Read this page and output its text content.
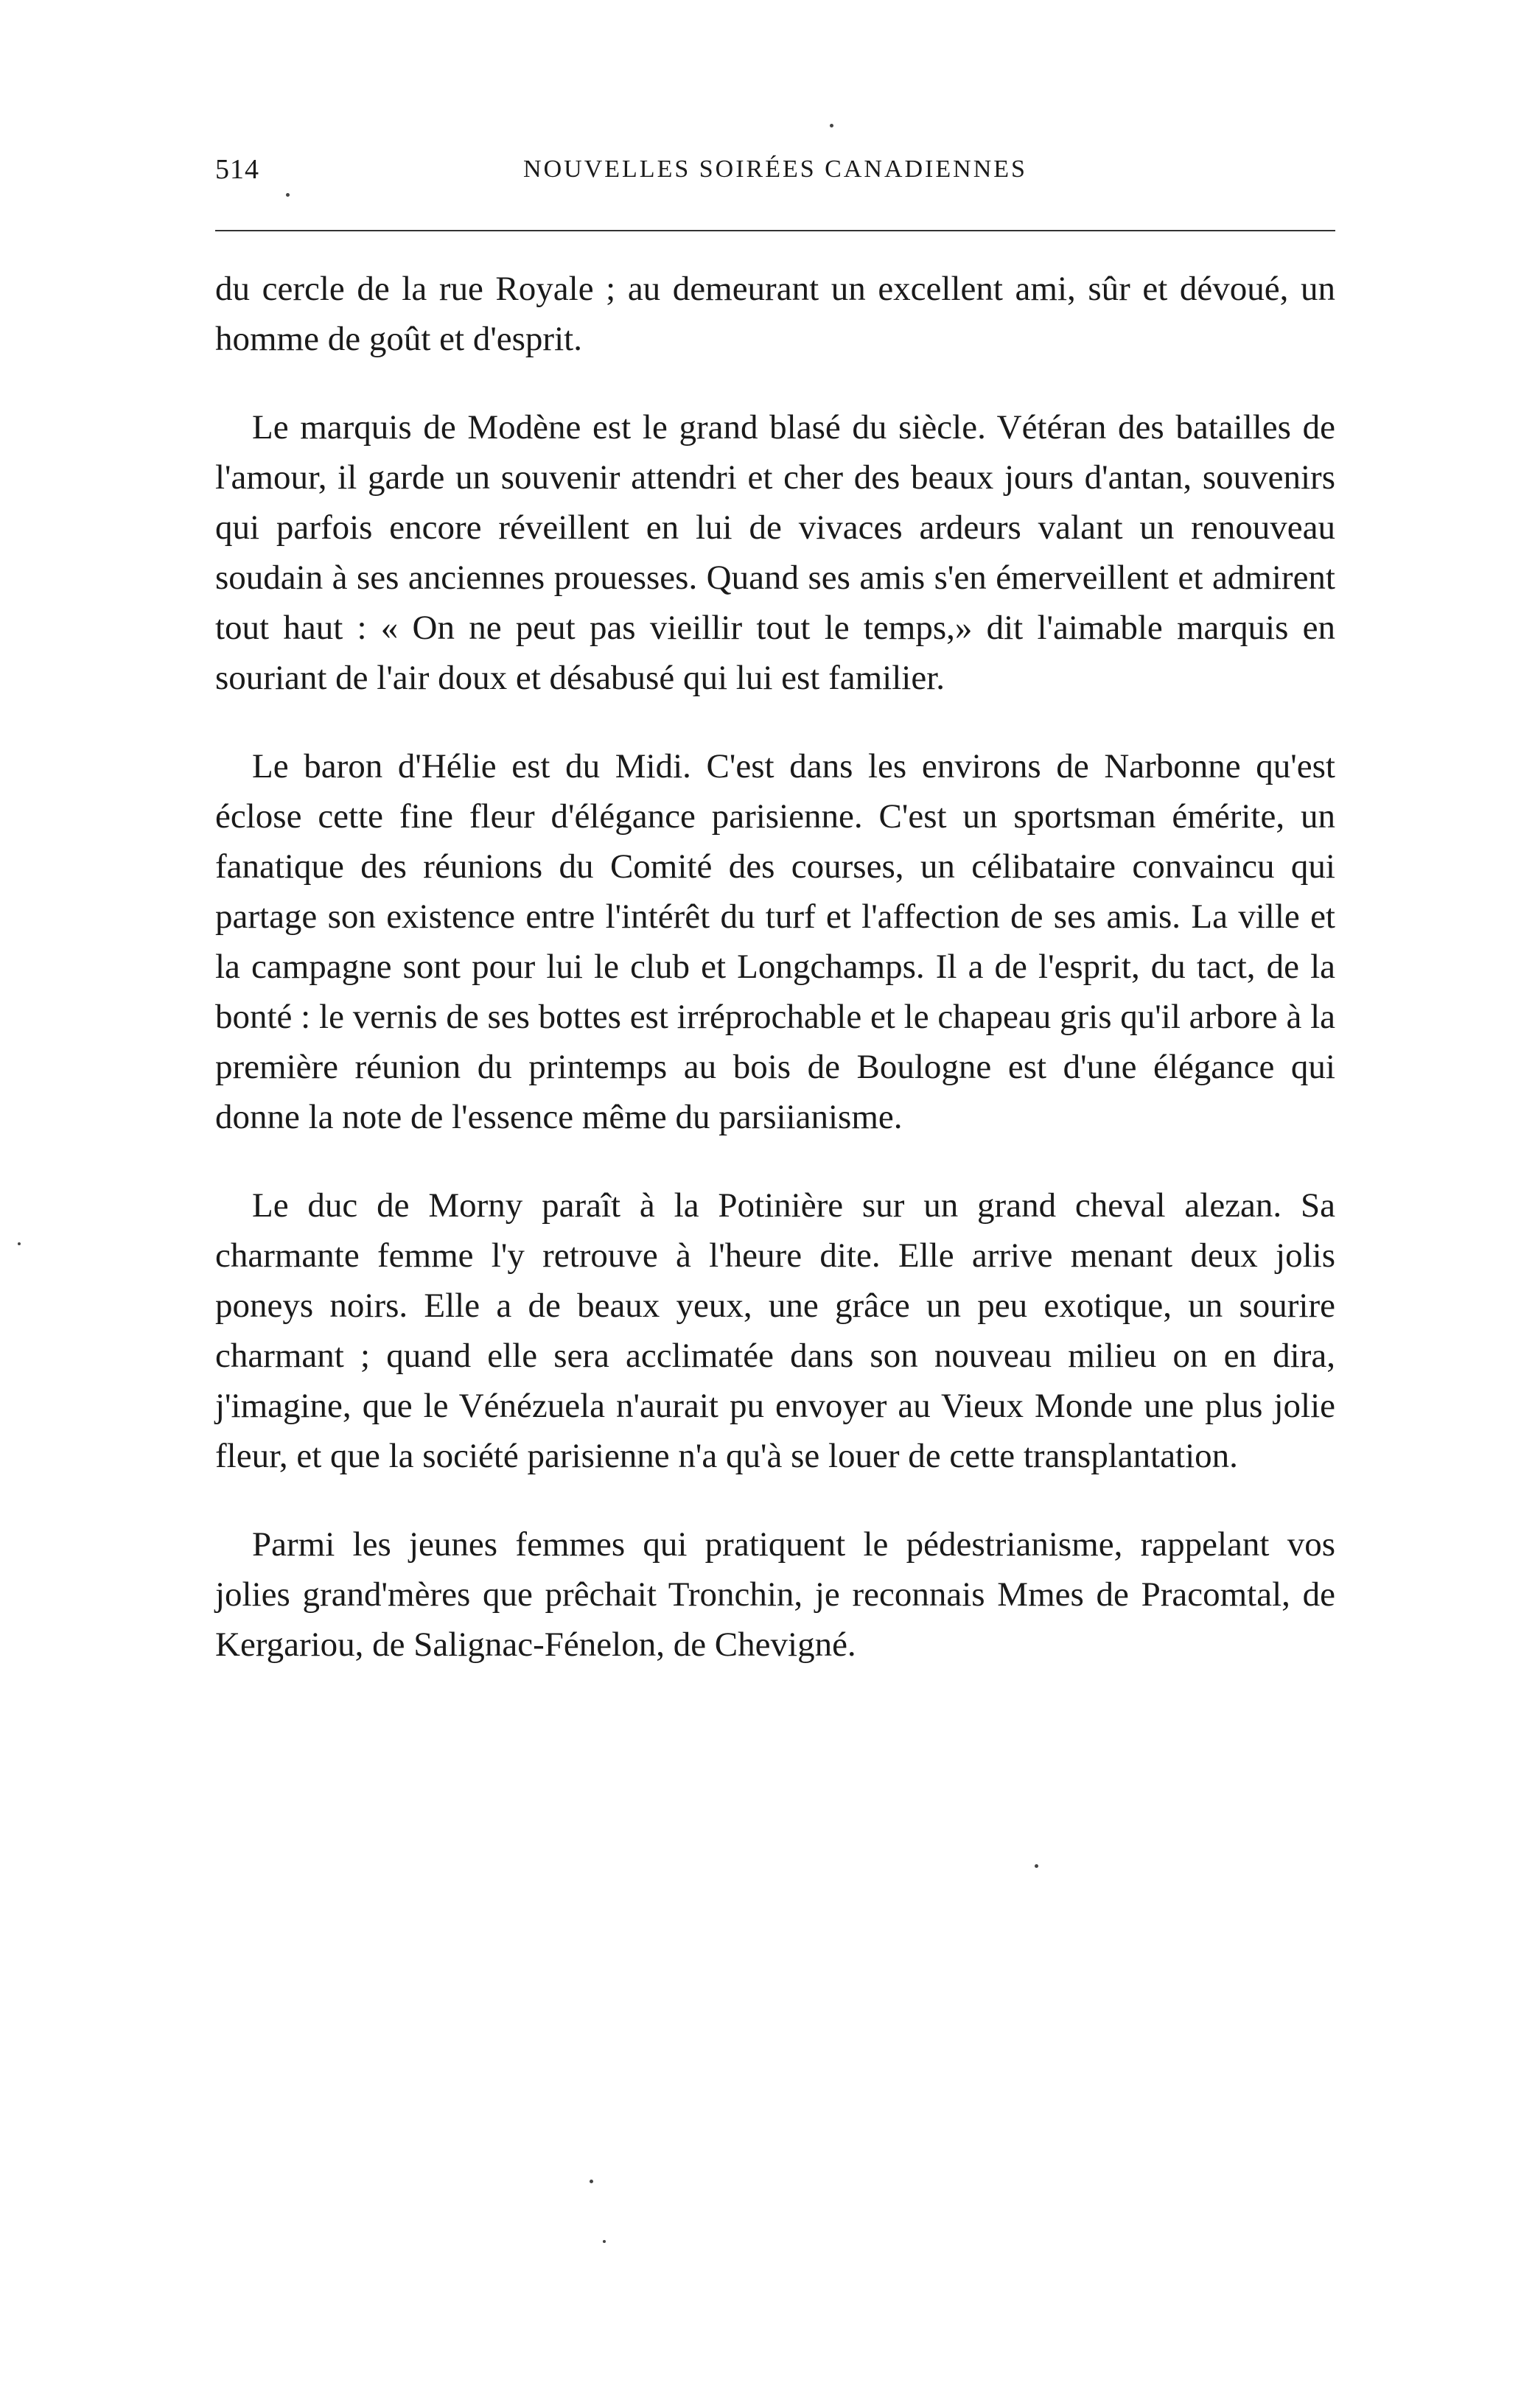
514	NOUVELLES SOIRÉES CANADIENNES

du cercle de la rue Royale ; au demeurant un excellent ami, sûr et dévoué, un homme de goût et d'esprit.

Le marquis de Modène est le grand blasé du siècle. Vétéran des batailles de l'amour, il garde un souvenir attendri et cher des beaux jours d'antan, souvenirs qui parfois encore réveillent en lui de vivaces ardeurs valant un renouveau soudain à ses anciennes prouesses. Quand ses amis s'en émerveillent et admirent tout haut : « On ne peut pas vieillir tout le temps,» dit l'aimable marquis en souriant de l'air doux et désabusé qui lui est familier.

Le baron d'Hélie est du Midi. C'est dans les environs de Narbonne qu'est éclose cette fine fleur d'élégance parisienne. C'est un sportsman émérite, un fanatique des réunions du Comité des courses, un célibataire convaincu qui partage son existence entre l'intérêt du turf et l'affection de ses amis. La ville et la campagne sont pour lui le club et Longchamps. Il a de l'esprit, du tact, de la bonté : le vernis de ses bottes est irréprochable et le chapeau gris qu'il arbore à la première réunion du printemps au bois de Boulogne est d'une élégance qui donne la note de l'essence même du parsiianisme.

Le duc de Morny paraît à la Potinière sur un grand cheval alezan. Sa charmante femme l'y retrouve à l'heure dite. Elle arrive menant deux jolis poneys noirs. Elle a de beaux yeux, une grâce un peu exotique, un sourire charmant ; quand elle sera acclimatée dans son nouveau milieu on en dira, j'imagine, que le Vénézuela n'aurait pu envoyer au Vieux Monde une plus jolie fleur, et que la société parisienne n'a qu'à se louer de cette transplantation.

Parmi les jeunes femmes qui pratiquent le pédestrianisme, rappelant vos jolies grand'mères que prêchait Tronchin, je reconnais Mmes de Pracomtal, de Kergariou, de Salignac-Fénelon, de Chevigné.
